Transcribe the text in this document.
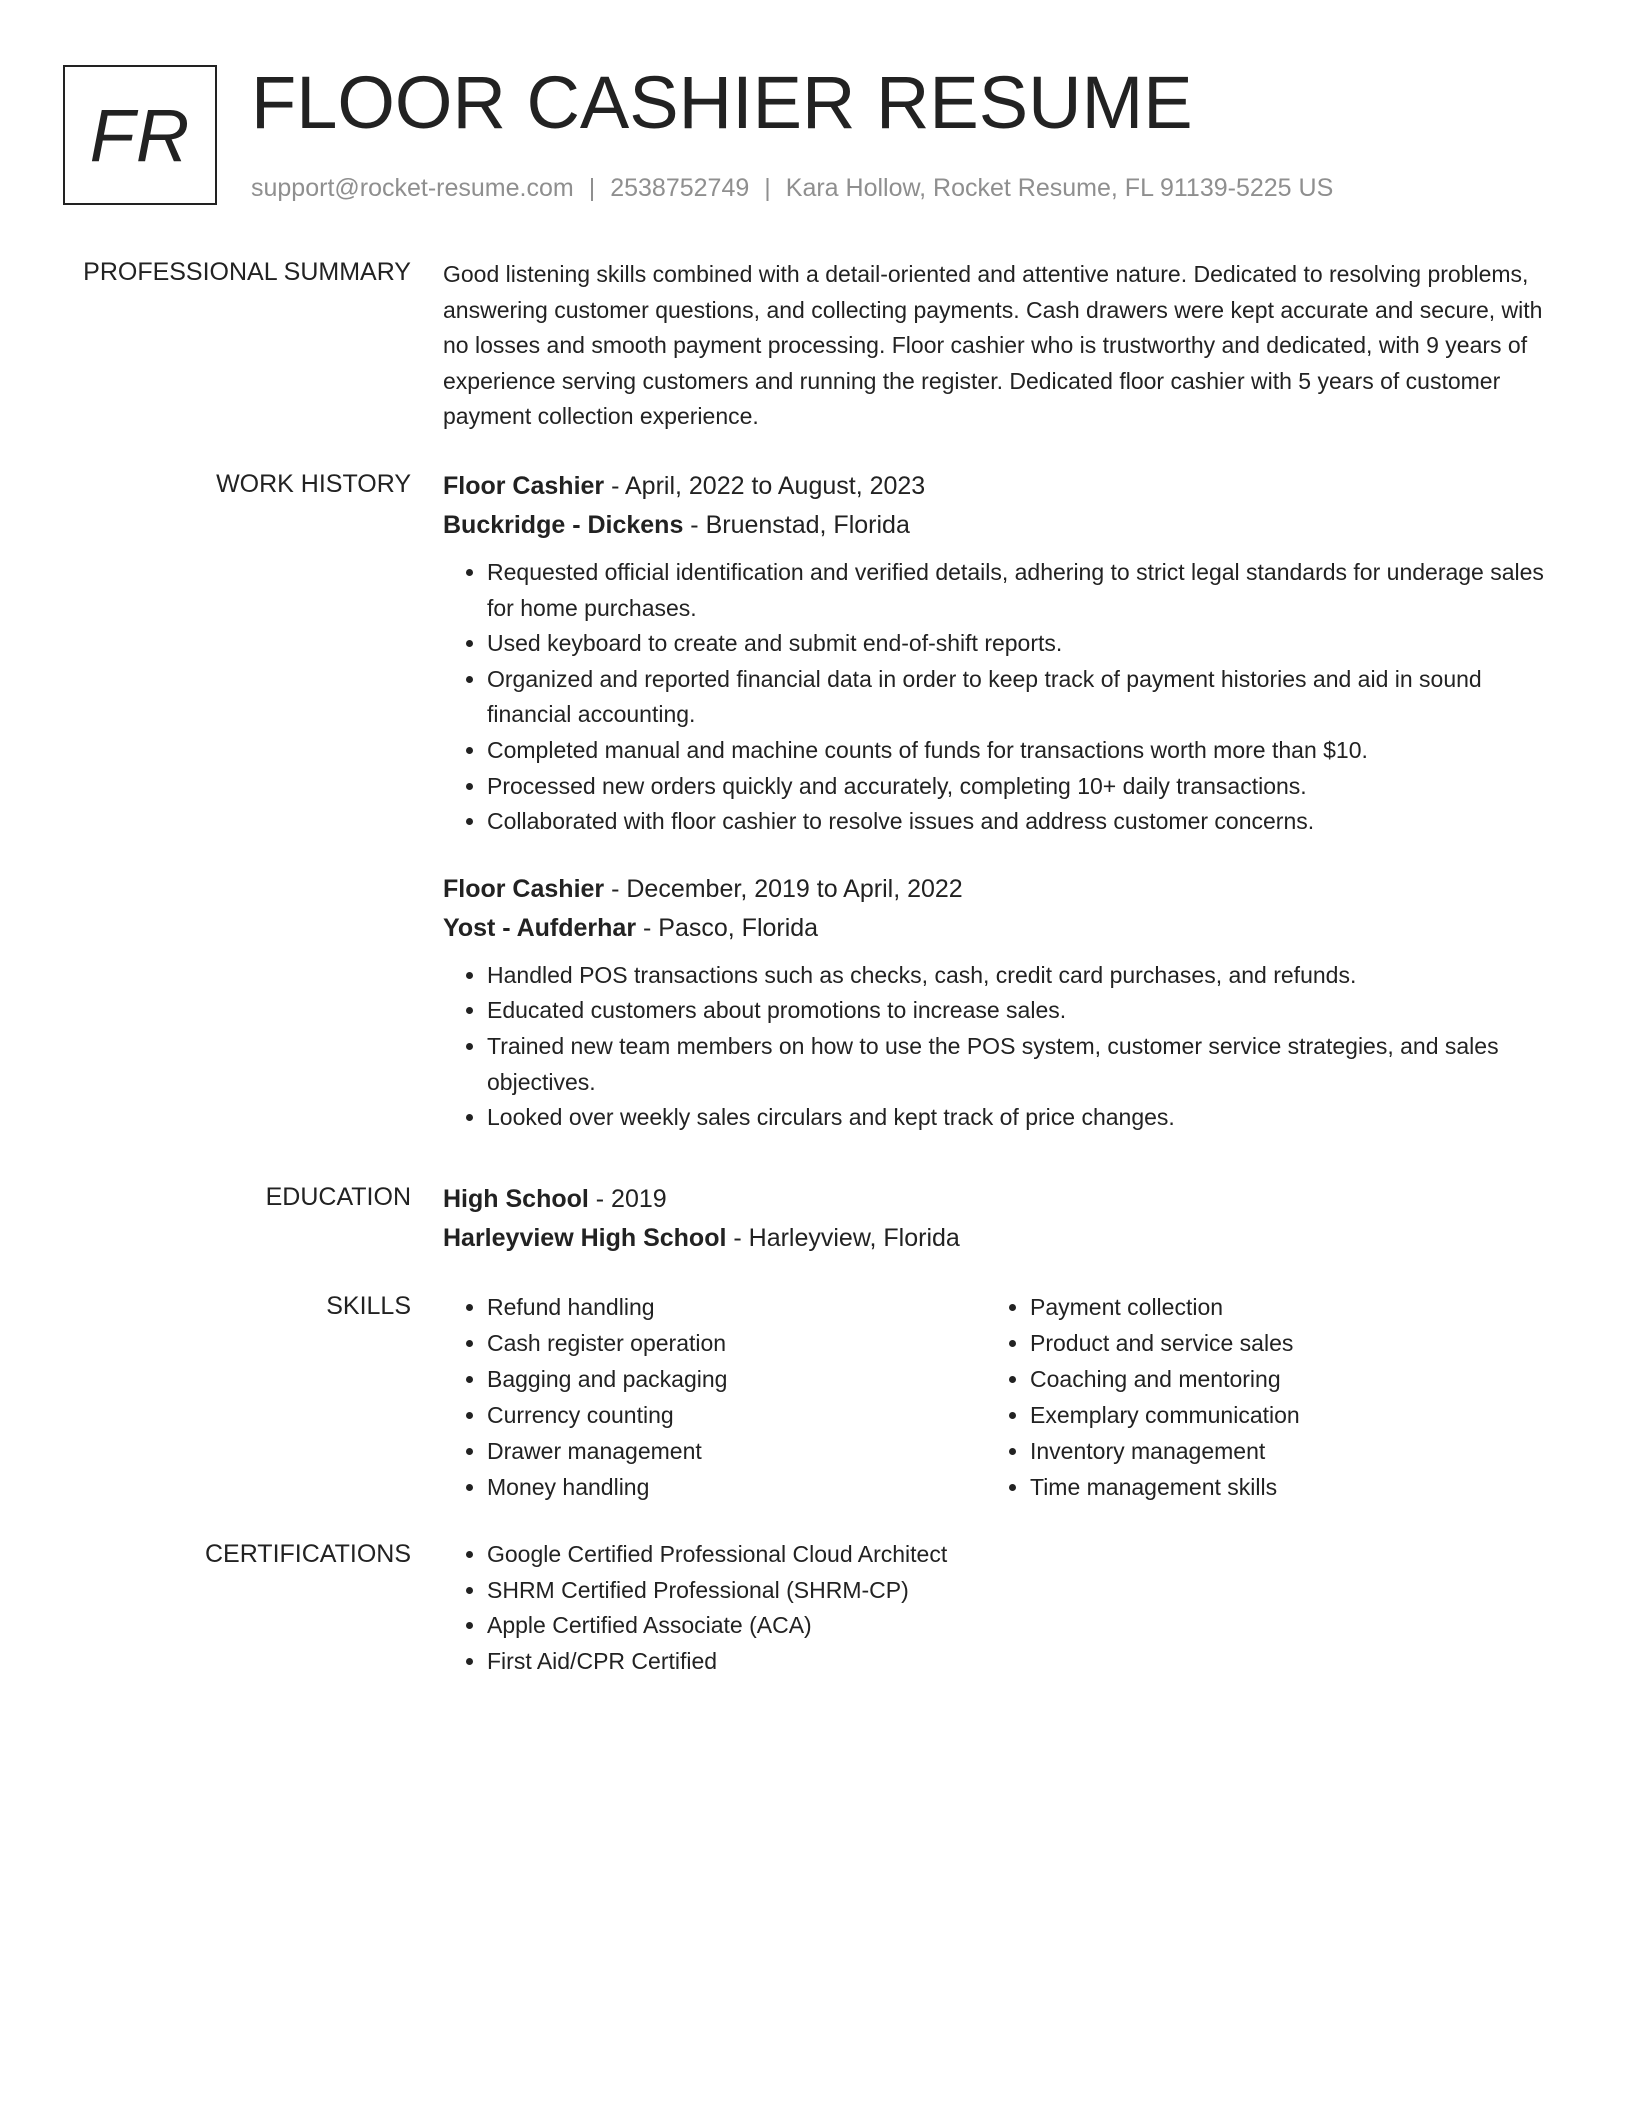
FR FLOOR CASHIER RESUME
support@rocket-resume.com | 2538752749 | Kara Hollow, Rocket Resume, FL 91139-5225 US
PROFESSIONAL SUMMARY Good listening skills combined with a detail-oriented and attentive nature. Dedicated to resolving problems, answering customer questions, and collecting payments. Cash drawers were kept accurate and secure, with no losses and smooth payment processing. Floor cashier who is trustworthy and dedicated, with 9 years of experience serving customers and running the register. Dedicated floor cashier with 5 years of customer payment collection experience.

WORK HISTORY Floor Cashier - April, 2022 to August, 2023
Buckridge - Dickens - Bruenstad, Florida
• Requested official identification and verified details, adhering to strict legal standards for underage sales for home purchases.
• Used keyboard to create and submit end-of-shift reports.
• Organized and reported financial data in order to keep track of payment histories and aid in sound financial accounting.
• Completed manual and machine counts of funds for transactions worth more than $10.
• Processed new orders quickly and accurately, completing 10+ daily transactions.
• Collaborated with floor cashier to resolve issues and address customer concerns.
Floor Cashier - December, 2019 to April, 2022
Yost - Aufderhar - Pasco, Florida
• Handled POS transactions such as checks, cash, credit card purchases, and refunds.
• Educated customers about promotions to increase sales.
• Trained new team members on how to use the POS system, customer service strategies, and sales objectives.
• Looked over weekly sales circulars and kept track of price changes.
EDUCATION High School - 2019
Harleyview High School - Harleyview, Florida
SKILLS	• Refund handling
• Cash register operation
• Bagging and packaging
• Currency counting
• Drawer management
• Money handling
• Payment collection
• Product and service sales
• Coaching and mentoring
• Exemplary communication
• Inventory management
• Time management skills
CERTIFICATIONS	• Google Certified Professional Cloud Architect
• SHRM Certified Professional (SHRM-CP)
• Apple Certified Associate (ACA)
• First Aid/CPR Certified
